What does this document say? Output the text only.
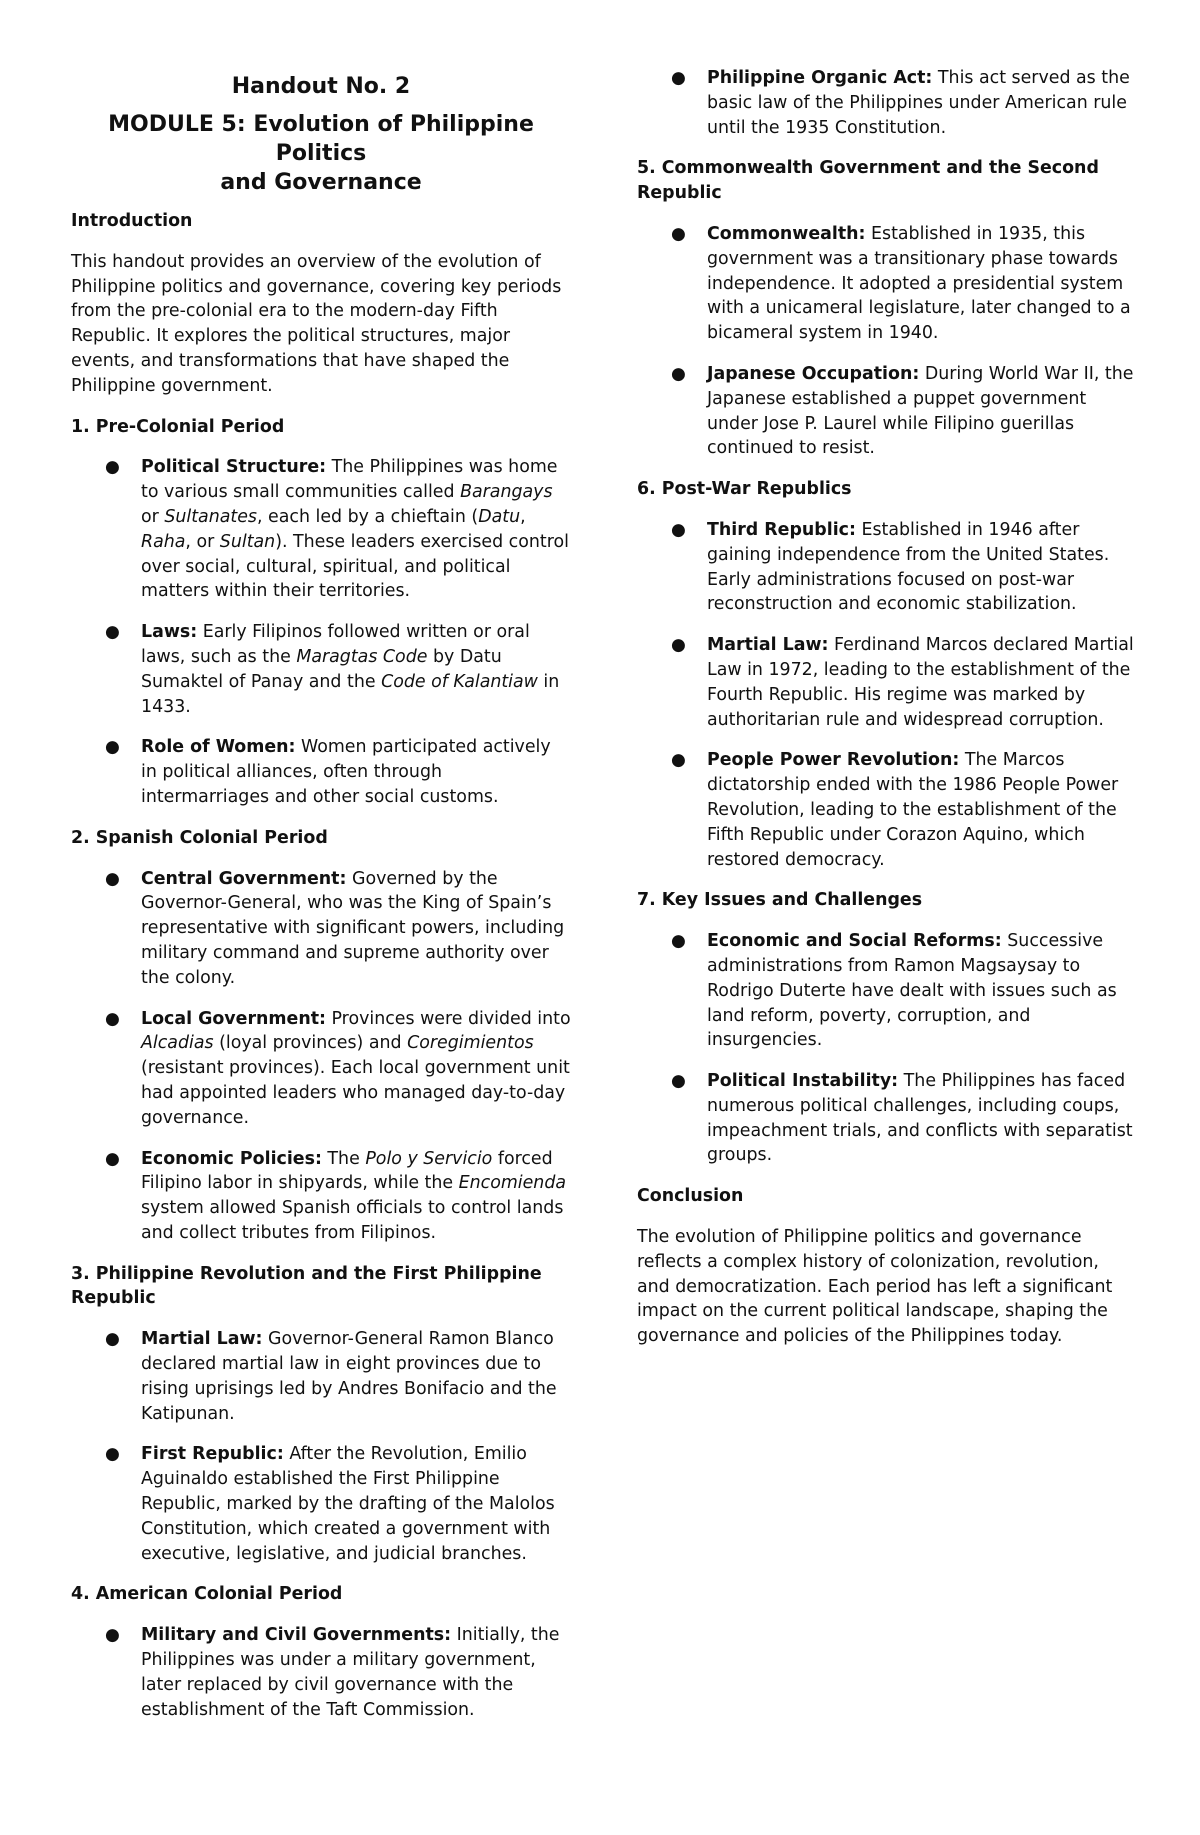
Handout No. 2
MODULE 5: Evolution of Philippine Politics
and Governance
Introduction

This handout provides an overview of the evolution of Philippine politics and governance, covering key periods from the pre-colonial era to the modern-day Fifth Republic. It explores the political structures, major events, and transformations that have shaped the Philippine government.

1. Pre-Colonial Period
● Political Structure: The Philippines was home to various small communities called Barangays or Sultanates, each led by a chieftain (Datu, Raha, or Sultan). These leaders exercised control over social, cultural, spiritual, and political matters within their territories.
● Laws: Early Filipinos followed written or oral laws, such as the Maragtas Code by Datu Sumaktel of Panay and the Code of Kalantiaw in 1433.
● Role of Women: Women participated actively in political alliances, often through intermarriages and other social customs.
2. Spanish Colonial Period
● Central Government: Governed by the Governor-General, who was the King of Spain’s representative with significant powers, including military command and supreme authority over the colony.
● Local Government: Provinces were divided into Alcadias (loyal provinces) and Coregimientos (resistant provinces). Each local government unit had appointed leaders who managed day-to-day governance.
● Economic Policies: The Polo y Servicio forced Filipino labor in shipyards, while the Encomienda system allowed Spanish officials to control lands and collect tributes from Filipinos.
3. Philippine Revolution and the First Philippine Republic
● Martial Law: Governor-General Ramon Blanco declared martial law in eight provinces due to rising uprisings led by Andres Bonifacio and the Katipunan.
● First Republic: After the Revolution, Emilio Aguinaldo established the First Philippine Republic, marked by the drafting of the Malolos Constitution, which created a government with executive, legislative, and judicial branches.
4. American Colonial Period
● Military and Civil Governments: Initially, the Philippines was under a military government, later replaced by civil governance with the establishment of the Taft Commission.
● Philippine Organic Act: This act served as the basic law of the Philippines under American rule until the 1935 Constitution.
5. Commonwealth Government and the Second Republic
● Commonwealth: Established in 1935, this government was a transitionary phase towards independence. It adopted a presidential system with a unicameral legislature, later changed to a bicameral system in 1940.
● Japanese Occupation: During World War II, the Japanese established a puppet government under Jose P. Laurel while Filipino guerillas continued to resist.
6. Post-War Republics
● Third Republic: Established in 1946 after gaining independence from the United States. Early administrations focused on post-war reconstruction and economic stabilization.
● Martial Law: Ferdinand Marcos declared Martial Law in 1972, leading to the establishment of the Fourth Republic. His regime was marked by authoritarian rule and widespread corruption.
● People Power Revolution: The Marcos dictatorship ended with the 1986 People Power Revolution, leading to the establishment of the Fifth Republic under Corazon Aquino, which restored democracy.
7. Key Issues and Challenges
● Economic and Social Reforms: Successive administrations from Ramon Magsaysay to Rodrigo Duterte have dealt with issues such as land reform, poverty, corruption, and insurgencies.
● Political Instability: The Philippines has faced numerous political challenges, including coups, impeachment trials, and conflicts with separatist groups.
Conclusion

The evolution of Philippine politics and governance reflects a complex history of colonization, revolution, and democratization. Each period has left a significant impact on the current political landscape, shaping the governance and policies of the Philippines today.
